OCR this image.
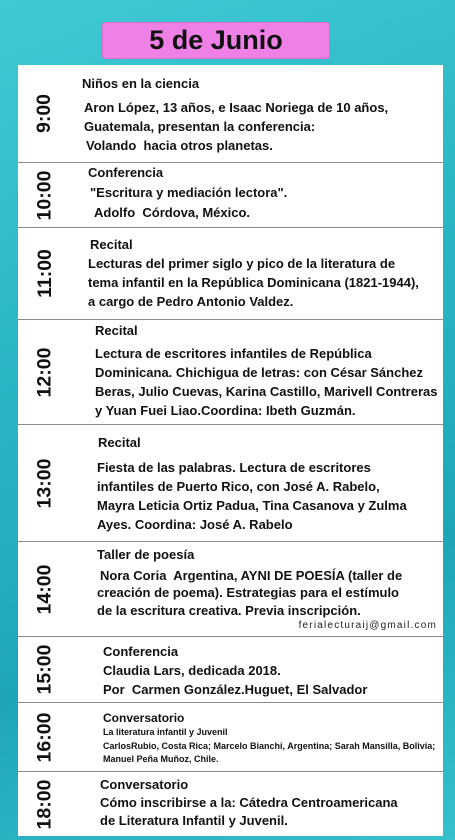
5 de Junio
9:00
Niños en la ciencia
Aron López, 13 años, e Isaac Noriega de 10 años,
Guatemala, presentan la conferencia:
Volando  hacia otros planetas.
10:00	Conferencia
"Escritura y mediación lectora".
Adolfo  Córdova, México.
11:00
Recital
Lecturas del primer siglo y pico de la literatura de
tema infantil en la República Dominicana (1821-1944),
a cargo de Pedro Antonio Valdez.
12:00
Recital
Lectura de escritores infantiles de República
Dominicana. Chichigua de letras: con César Sánchez
Beras, Julio Cuevas, Karina Castillo, Marivell Contreras
y Yuan Fuei Liao.Coordina: Ibeth Guzmán.
13:00
Recital
Fiesta de las palabras. Lectura de escritores
infantiles de Puerto Rico, con José A. Rabelo,
Mayra Leticia Ortiz Padua, Tina Casanova y Zulma
Ayes. Coordina: José A. Rabelo
14:00
Taller de poesía
Nora Coria  Argentina, AYNI DE POESÍA (taller de
creación de poema). Estrategias para el estímulo
de la escritura creativa. Previa inscripción.
ferialecturaij@gmail.com
15:00	Conferencia
Claudia Lars, dedicada 2018.
Por  Carmen González.Huguet, El Salvador
16:00	Conversatorio
La literatura infantil y Juvenil
CarlosRubio, Costa Rica; Marcelo Bianchi, Argentina; Sarah Mansilla, Bolivia;
Manuel Peña Muñoz, Chile.
18:00	Conversatorio
Cómo inscribirse a la: Cátedra Centroamericana
de Literatura Infantil y Juvenil.
